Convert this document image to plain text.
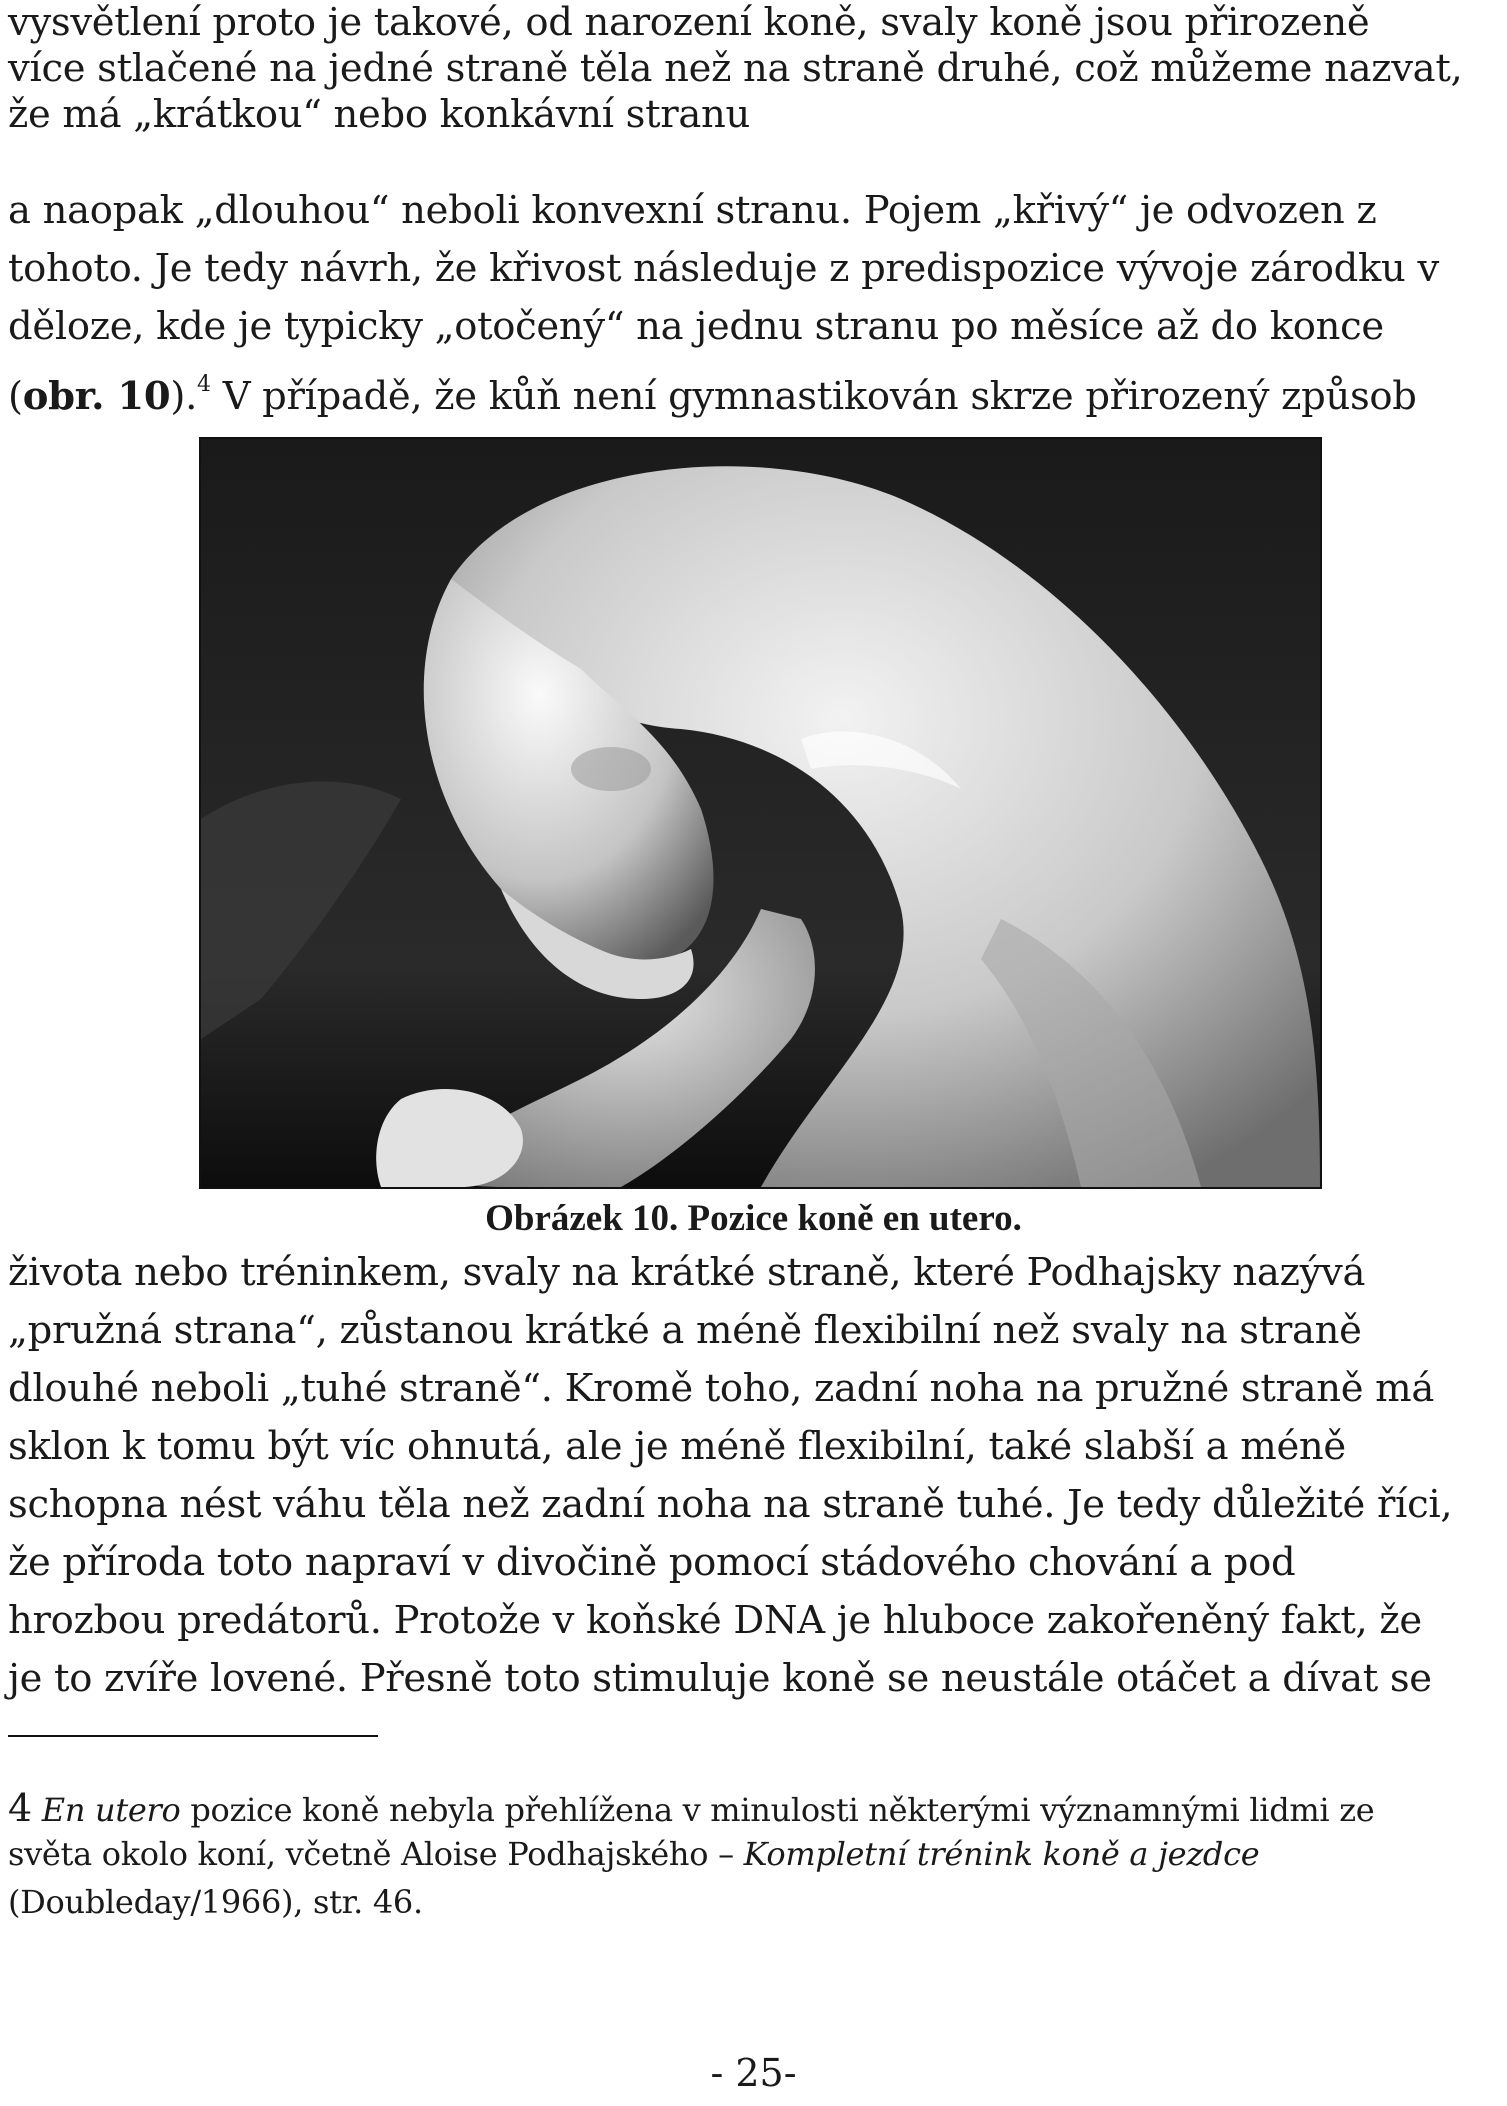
vysvětlení proto je takové, od narození koně, svaly koně jsou přirozeně
více stlačené na jedné straně těla než na straně druhé, což můžeme nazvat,
že má „krátkou“ nebo konkávní stranu
a naopak „dlouhou“ neboli konvexní stranu. Pojem „křivý“ je odvozen z
tohoto. Je tedy návrh, že křivost následuje z predispozice vývoje zárodku v
děloze, kde je typicky „otočený“ na jednu stranu po měsíce až do konce
(obr. 10).$^4$ V případě, že kůň není gymnastikován skrze přirozený způsob
Obrázek 10. Pozice koně en utero.
života nebo tréninkem, svaly na krátké straně, které Podhajsky nazývá
„pružná strana“, zůstanou krátké a méně flexibilní než svaly na straně
dlouhé neboli „tuhé straně“. Kromě toho, zadní noha na pružné straně má
sklon k tomu být víc ohnutá, ale je méně flexibilní, také slabší a méně
schopna nést váhu těla než zadní noha na straně tuhé. Je tedy důležité říci,
že příroda toto napraví v divočině pomocí stádového chování a pod
hrozbou predátorů. Protože v koňské DNA je hluboce zakořeněný fakt, že
je to zvíře lovené. Přesně toto stimuluje koně se neustále otáčet a dívat se
4 En utero pozice koně nebyla přehlížena v minulosti některými významnými lidmi ze
světa okolo koní, včetně Aloise Podhajského – Kompletní trénink koně a jezdce
(Doubleday/1966), str. 46.
- 25-
